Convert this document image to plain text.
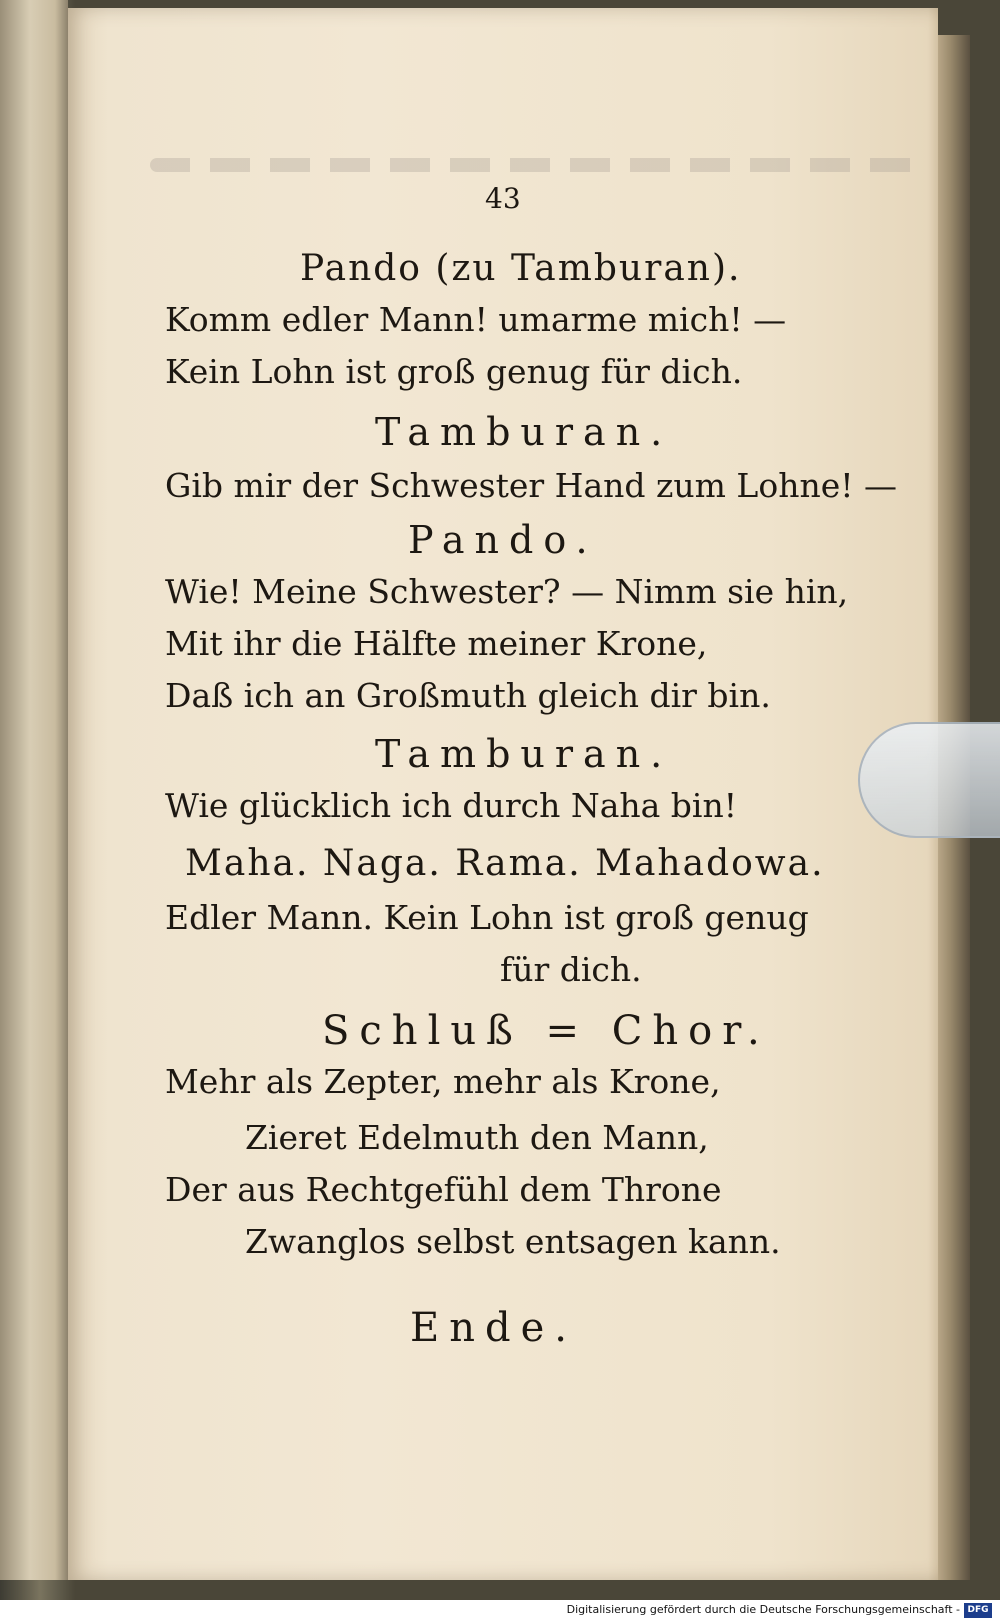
43
Pando (zu Tamburan).
Komm edler Mann! umarme mich! —
Kein Lohn ist groß genug für dich.
Tamburan.
Gib mir der Schwester Hand zum Lohne! —
Pando.
Wie! Meine Schwester? — Nimm sie hin,
Mit ihr die Hälfte meiner Krone,
Daß ich an Großmuth gleich dir bin.
Tamburan.
Wie glücklich ich durch Naha bin!
Maha. Naga. Rama. Mahadowa.
Edler Mann. Kein Lohn ist groß genug
für dich.
Schluß = Chor.
Mehr als Zepter, mehr als Krone,
Zieret Edelmuth den Mann,
Der aus Rechtgefühl dem Throne
Zwanglos selbst entsagen kann.
Ende.
Digitalisierung gefördert durch die Deutsche Forschungsgemeinschaft - DFG
